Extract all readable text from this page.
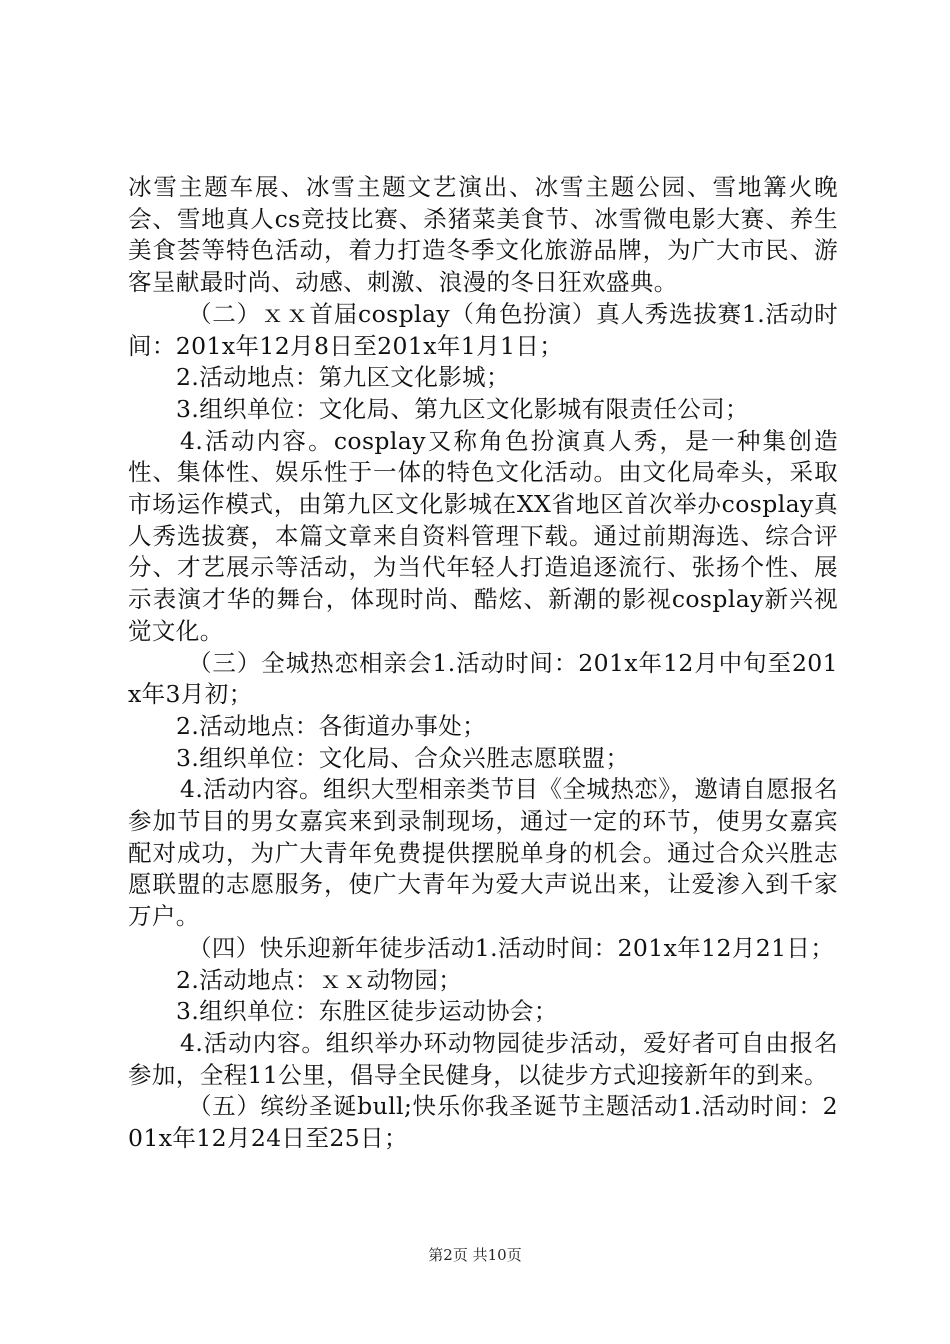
冰雪主题车展、冰雪主题文艺演出、冰雪主题公园、雪地篝火晚会、雪地真人cs竞技比赛、杀猪菜美食节、冰雪微电影大赛、养生美食荟等特色活动，着力打造冬季文化旅游品牌，为广大市民、游客呈献最时尚、动感、刺激、浪漫的冬日狂欢盛典。

（二）ｘｘ首届cosplay（角色扮演）真人秀选拔赛1.活动时间：201x年12月8日至201x年1月1日；

2.活动地点：第九区文化影城；

3.组织单位：文化局、第九区文化影城有限责任公司；

4.活动内容。cosplay又称角色扮演真人秀，是一种集创造性、集体性、娱乐性于一体的特色文化活动。由文化局牵头，采取市场运作模式，由第九区文化影城在XX省地区首次举办cosplay真人秀选拔赛，本篇文章来自资料管理下载。通过前期海选、综合评分、才艺展示等活动，为当代年轻人打造追逐流行、张扬个性、展示表演才华的舞台，体现时尚、酷炫、新潮的影视cosplay新兴视觉文化。

（三）全城热恋相亲会1.活动时间：201x年12月中旬至201x年3月初；

2.活动地点：各街道办事处；

3.组织单位：文化局、合众兴胜志愿联盟；

4.活动内容。组织大型相亲类节目《全城热恋》，邀请自愿报名参加节目的男女嘉宾来到录制现场，通过一定的环节，使男女嘉宾配对成功，为广大青年免费提供摆脱单身的机会。通过合众兴胜志愿联盟的志愿服务，使广大青年为爱大声说出来，让爱渗入到千家万户。

（四）快乐迎新年徒步活动1.活动时间：201x年12月21日；

2.活动地点：ｘｘ动物园；

3.组织单位：东胜区徒步运动协会；

4.活动内容。组织举办环动物园徒步活动，爱好者可自由报名参加，全程11公里，倡导全民健身，以徒步方式迎接新年的到来。

（五）缤纷圣诞bull;快乐你我圣诞节主题活动1.活动时间：201x年12月24日至25日；

第2页 共10页
